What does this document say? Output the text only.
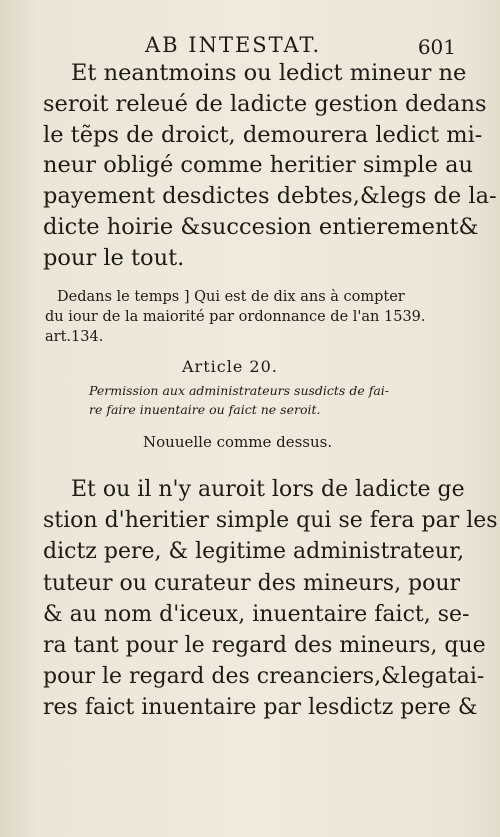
AB INTESTAT.	601
Et neantmoins ou ledict mineur ne
seroit releué de ladicte gestion dedans
le tẽps de droict, demourera ledict mi-
neur obligé comme heritier simple au
payement desdictes debtes,&legs de la-
dicte hoirie &succesion entierement&
pour le tout.
Dedans le temps ] Qui est de dix ans à compter
du iour de la maiorité par ordonnance de l'an 1539.
art.134.
Article 20.
Permission aux administrateurs susdicts de fai-
re faire inuentaire ou faict ne seroit.
Nouuelle comme dessus.
Et ou il n'y auroit lors de ladicte ge
stion d'heritier simple qui se fera par les
dictz pere, & legitime administrateur,
tuteur ou curateur des mineurs, pour
& au nom d'iceux, inuentaire faict, se-
ra tant pour le regard des mineurs, que
pour le regard des creanciers,&legatai-
res faict inuentaire par lesdictz pere &
